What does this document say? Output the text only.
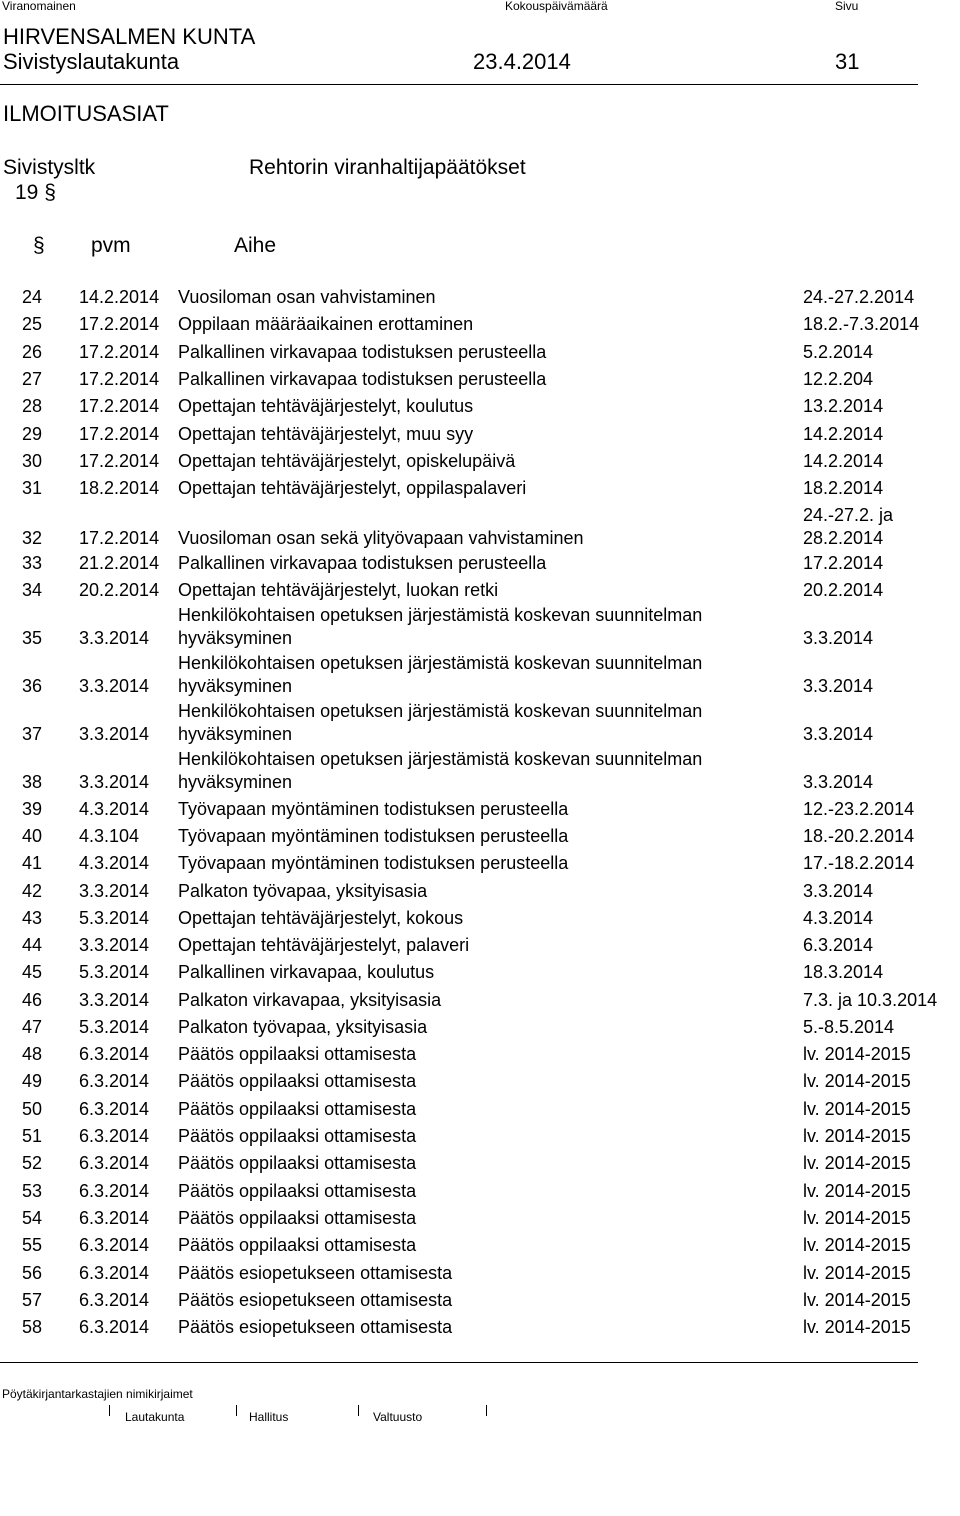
Viranomainen	Kokouspäivämäärä	Sivu
HIRVENSALMEN KUNTA
Sivistyslautakunta	23.4.2014	31
ILMOITUSASIAT
Sivistysltk	Rehtorin viranhaltijapäätökset
19 §
§ pvm	Aihe
24 14.2.2014 Vuosiloman osan vahvistaminen	24.-27.2.2014
25 17.2.2014 Oppilaan määräaikainen erottaminen	18.2.-7.3.2014
26 17.2.2014 Palkallinen virkavapaa todistuksen perusteella	5.2.2014
27 17.2.2014 Palkallinen virkavapaa todistuksen perusteella	12.2.204
28 17.2.2014 Opettajan tehtäväjärjestelyt, koulutus	13.2.2014
29 17.2.2014 Opettajan tehtäväjärjestelyt, muu syy	14.2.2014
30 17.2.2014 Opettajan tehtäväjärjestelyt, opiskelupäivä	14.2.2014
31 18.2.2014 Opettajan tehtäväjärjestelyt, oppilaspalaveri	18.2.2014
32 17.2.2014 Vuosiloman osan sekä ylityövapaan vahvistaminen
24.-27.2. ja
28.2.2014
33 21.2.2014 Palkallinen virkavapaa todistuksen perusteella	17.2.2014
34 20.2.2014 Opettajan tehtäväjärjestelyt, luokan retki	20.2.2014
35 3.3.2014
Henkilökohtaisen opetuksen järjestämistä koskevan suunnitelman
hyväksyminen	3.3.2014
36 3.3.2014
Henkilökohtaisen opetuksen järjestämistä koskevan suunnitelman
hyväksyminen	3.3.2014
37 3.3.2014
Henkilökohtaisen opetuksen järjestämistä koskevan suunnitelman
hyväksyminen	3.3.2014
38 3.3.2014
Henkilökohtaisen opetuksen järjestämistä koskevan suunnitelman
hyväksyminen	3.3.2014
39 4.3.2014 Työvapaan myöntäminen todistuksen perusteella	12.-23.2.2014
40 4.3.104 Työvapaan myöntäminen todistuksen perusteella	18.-20.2.2014
41 4.3.2014 Työvapaan myöntäminen todistuksen perusteella	17.-18.2.2014
42 3.3.2014 Palkaton työvapaa, yksityisasia	3.3.2014
43 5.3.2014 Opettajan tehtäväjärjestelyt, kokous	4.3.2014
44 3.3.2014 Opettajan tehtäväjärjestelyt, palaveri	6.3.2014
45 5.3.2014 Palkallinen virkavapaa, koulutus	18.3.2014
46 3.3.2014 Palkaton virkavapaa, yksityisasia	7.3. ja 10.3.2014
47 5.3.2014 Palkaton työvapaa, yksityisasia	5.-8.5.2014
48 6.3.2014 Päätös oppilaaksi ottamisesta	lv. 2014-2015
49 6.3.2014 Päätös oppilaaksi ottamisesta	lv. 2014-2015
50 6.3.2014 Päätös oppilaaksi ottamisesta	lv. 2014-2015
51 6.3.2014 Päätös oppilaaksi ottamisesta	lv. 2014-2015
52 6.3.2014 Päätös oppilaaksi ottamisesta	lv. 2014-2015
53 6.3.2014 Päätös oppilaaksi ottamisesta	lv. 2014-2015
54 6.3.2014 Päätös oppilaaksi ottamisesta	lv. 2014-2015
55 6.3.2014 Päätös oppilaaksi ottamisesta	lv. 2014-2015
56 6.3.2014 Päätös esiopetukseen ottamisesta	lv. 2014-2015
57 6.3.2014 Päätös esiopetukseen ottamisesta	lv. 2014-2015
58 6.3.2014 Päätös esiopetukseen ottamisesta	lv. 2014-2015
Pöytäkirjantarkastajien nimikirjaimet
Lautakunta	Hallitus	Valtuusto
